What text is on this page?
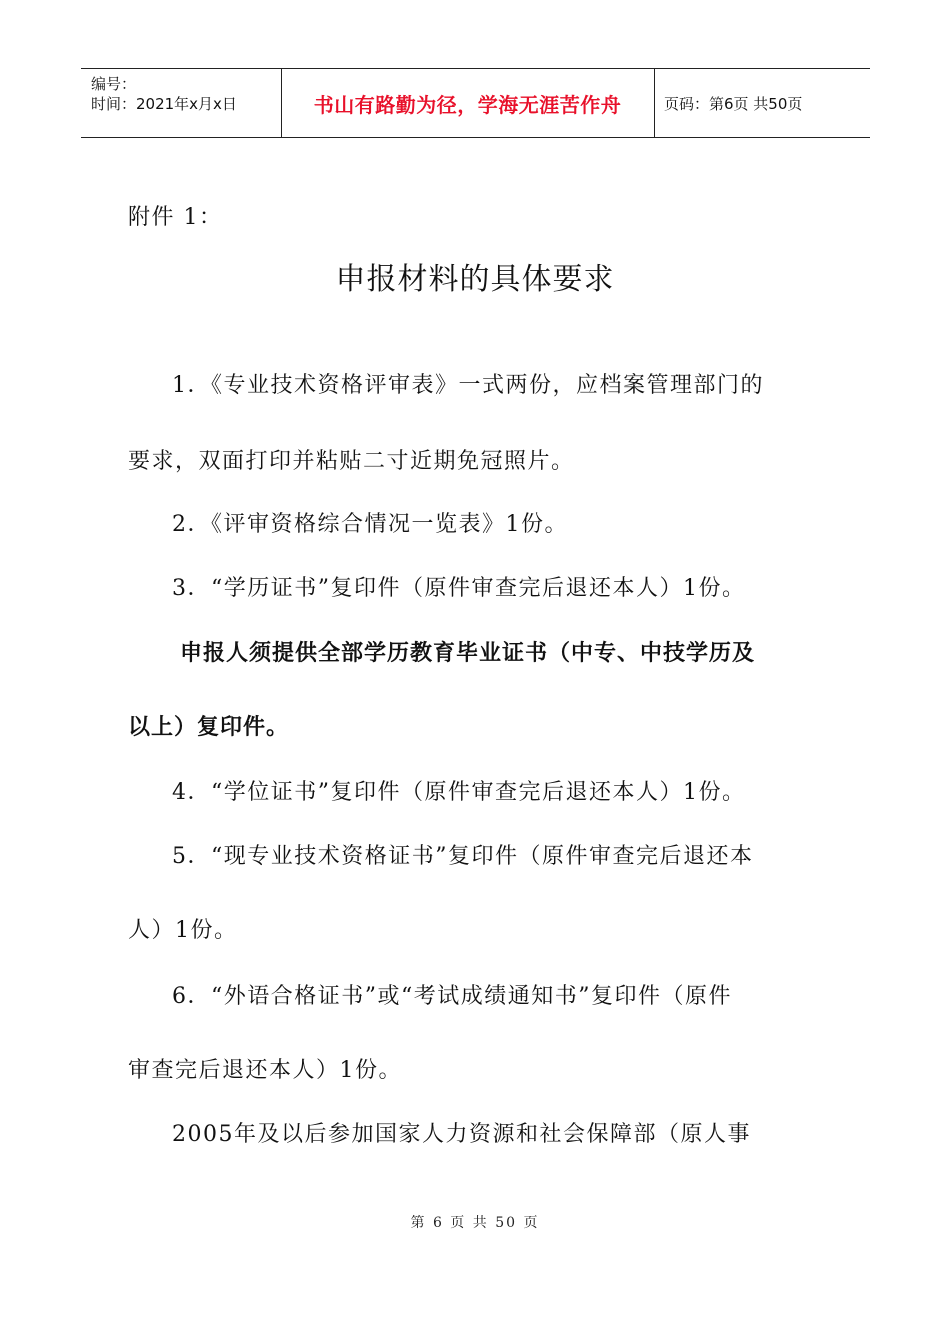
编号：
时间：2021年x月x日	书山有路勤为径，学海无涯苦作舟	页码：第6页 共50页
附件 1：
申报材料的具体要求
1．《专业技术资格评审表》一式两份，应档案管理部门的
要求，双面打印并粘贴二寸近期免冠照片。
2．《评审资格综合情况一览表》1份。
3．“学历证书”复印件（原件审查完后退还本人）1份。
申报人须提供全部学历教育毕业证书（中专、中技学历及
以上）复印件。
4．“学位证书”复印件（原件审查完后退还本人）1份。
5．“现专业技术资格证书”复印件（原件审查完后退还本
人）1份。
6．“外语合格证书”或“考试成绩通知书”复印件（原件
审查完后退还本人）1份。
2005年及以后参加国家人力资源和社会保障部（原人事
第 6 页 共 50 页
